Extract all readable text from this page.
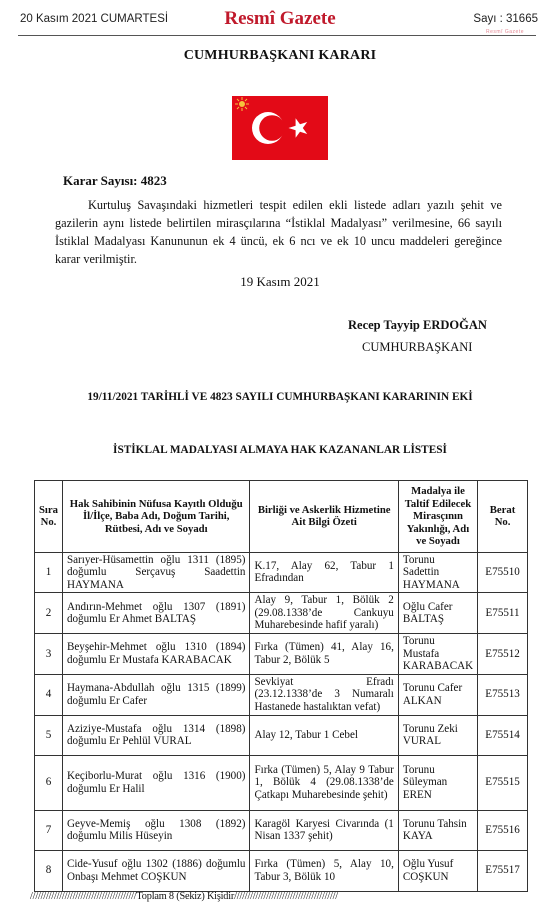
20 Kasım 2021 CUMARTESİ	Resmî Gazete	Sayı : 31665
Resmî Gazete
CUMHURBAŞKANI KARARI
Karar Sayısı: 4823
Kurtuluş Savaşındaki hizmetleri tespit edilen ekli listede adları yazılı şehit ve gazilerin aynı listede belirtilen mirasçılarına “İstiklal Madalyası” verilmesine, 66 sayılı İstiklal Madalyası Kanununun ek 4 üncü, ek 6 ncı ve ek 10 uncu maddeleri gereğince karar verilmiştir.
19 Kasım 2021
Recep Tayyip ERDOĞAN
CUMHURBAŞKANI
19/11/2021 TARİHLİ VE 4823 SAYILI CUMHURBAŞKANI KARARININ EKİ
İSTİKLAL MADALYASI ALMAYA HAK KAZANANLAR LİSTESİ
Sıra No.	Hak Sahibinin Nüfusa Kayıtlı Olduğu İl/İlçe, Baba Adı, Doğum Tarihi, Rütbesi, Adı ve Soyadı	Birliği ve Askerlik Hizmetine Ait Bilgi Özeti	Madalya ile Taltif Edilecek Mirasçının Yakınlığı, Adı ve Soyadı	Berat No.
1	Sarıyer-Hüsamettin oğlu 1311 (1895) doğumlu Serçavuş Saadettin HAYMANA	K.17, Alay 62, Tabur 1 Efradından	Torunu Sadettin HAYMANA	E75510
2	Andırın-Mehmet oğlu 1307 (1891) doğumlu Er Ahmet BALTAŞ	Alay 9, Tabur 1, Bölük 2 (29.08.1338’de Cankuyu Muharebesinde hafif yaralı)	Oğlu Cafer BALTAŞ	E75511
3	Beyşehir-Mehmet oğlu 1310 (1894) doğumlu Er Mustafa KARABACAK	Fırka (Tümen) 41, Alay 16, Tabur 2, Bölük 5	Torunu Mustafa KARABACAK	E75512
4	Haymana-Abdullah oğlu 1315 (1899) doğumlu Er Cafer	Sevkiyat Efradı (23.12.1338’de 3 Numaralı Hastanede hastalıktan vefat)	Torunu Cafer ALKAN	E75513
5	Aziziye-Mustafa oğlu 1314 (1898) doğumlu Er Pehlül VURAL	Alay 12, Tabur 1 Cebel	Torunu Zeki VURAL	E75514
6	Keçiborlu-Murat oğlu 1316 (1900) doğumlu Er Halil	Fırka (Tümen) 5, Alay 9 Tabur 1, Bölük 4 (29.08.1338’de Çatkapı Muharebesinde şehit)	Torunu Süleyman EREN	E75515
7	Geyve-Memiş oğlu 1308 (1892) doğumlu Milis Hüseyin	Karagöl Karyesi Civarında (1 Nisan 1337 şehit)	Torunu Tahsin KAYA	E75516
8	Cide-Yusuf oğlu 1302 (1886) doğumlu Onbaşı Mehmet COŞKUN	Fırka (Tümen) 5, Alay 10, Tabur 3, Bölük 10	Oğlu Yusuf COŞKUN	E75517
////////////////////////////////////////Toplam 8 (Sekiz) Kişidir///////////////////////////////////////
